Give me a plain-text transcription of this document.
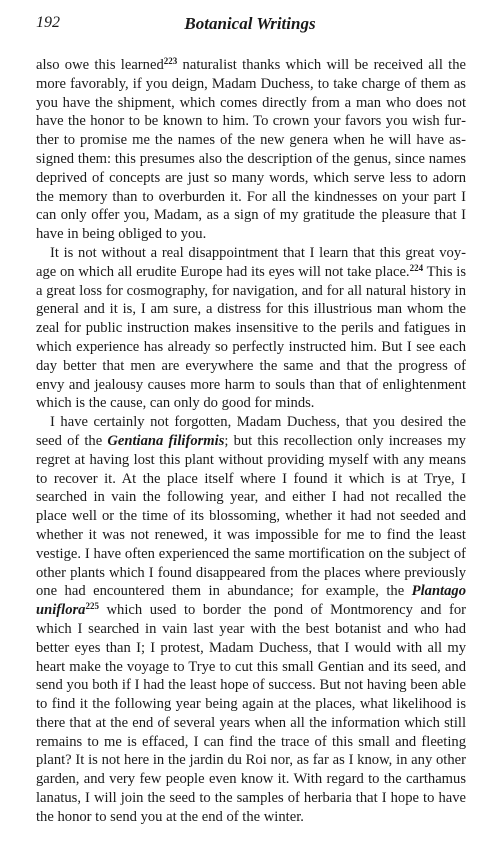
192	Botanical Writings

also owe this learned$^{223}$ naturalist thanks which will be received all the more favorably, if you deign, Madam Duchess, to take charge of them as you have the shipment, which comes directly from a man who does not have the honor to be known to him. To crown your favors you wish further to promise me the names of the new genera when he will have assigned them: this presumes also the description of the genus, since names deprived of concepts are just so many words, which serve less to adorn the memory than to overburden it. For all the kindnesses on your part I can only offer you, Madam, as a sign of my gratitude the pleasure that I have in being obliged to you.

It is not without a real disappointment that I learn that this great voyage on which all erudite Europe had its eyes will not take place.$^{224}$ This is a great loss for cosmography, for navigation, and for all natural history in general and it is, I am sure, a distress for this illustrious man whom the zeal for public instruction makes insensitive to the perils and fatigues in which experience has already so perfectly instructed him. But I see each day better that men are everywhere the same and that the progress of envy and jealousy causes more harm to souls than that of enlightenment which is the cause, can only do good for minds.

I have certainly not forgotten, Madam Duchess, that you desired the seed of the Gentiana filiformis; but this recollection only increases my regret at having lost this plant without providing myself with any means to recover it. At the place itself where I found it which is at Trye, I searched in vain the following year, and either I had not recalled the place well or the time of its blossoming, whether it had not seeded and whether it was not renewed, it was impossible for me to find the least vestige. I have often experienced the same mortification on the subject of other plants which I found disappeared from the places where previously one had encountered them in abundance; for example, the Plantago uniflora$^{225}$ which used to border the pond of Montmorency and for which I searched in vain last year with the best botanist and who had better eyes than I; I protest, Madam Duchess, that I would with all my heart make the voyage to Trye to cut this small Gentian and its seed, and send you both if I had the least hope of success. But not having been able to find it the following year being again at the places, what likelihood is there that at the end of several years when all the information which still remains to me is effaced, I can find the trace of this small and fleeting plant? It is not here in the jardin du Roi nor, as far as I know, in any other garden, and very few people even know it. With regard to the carthamus lanatus, I will join the seed to the samples of herbaria that I hope to have the honor to send you at the end of the winter.
